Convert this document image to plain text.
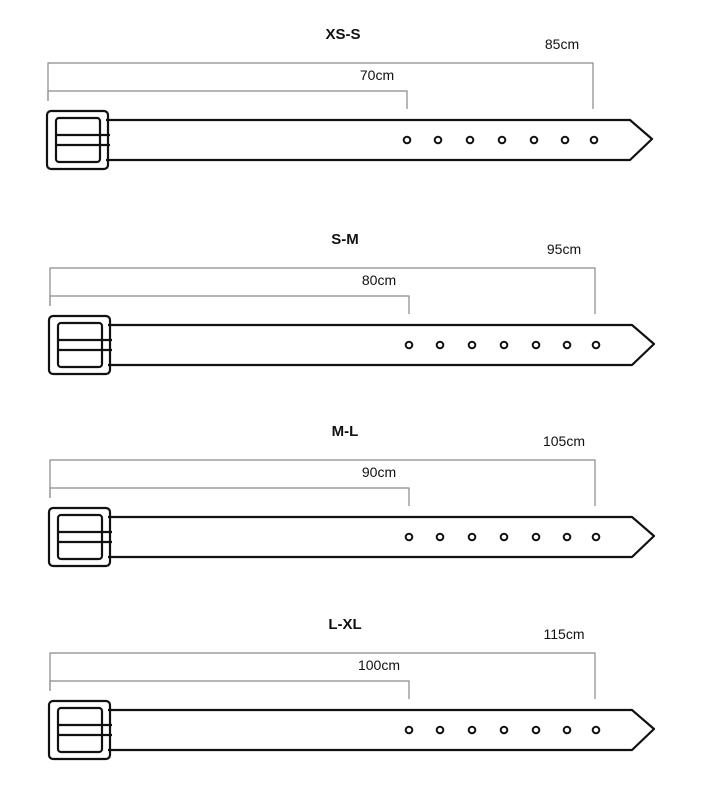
XS-S
85cm
70cm
S-M
95cm
80cm
M-L
105cm
90cm
L-XL
115cm
100cm
